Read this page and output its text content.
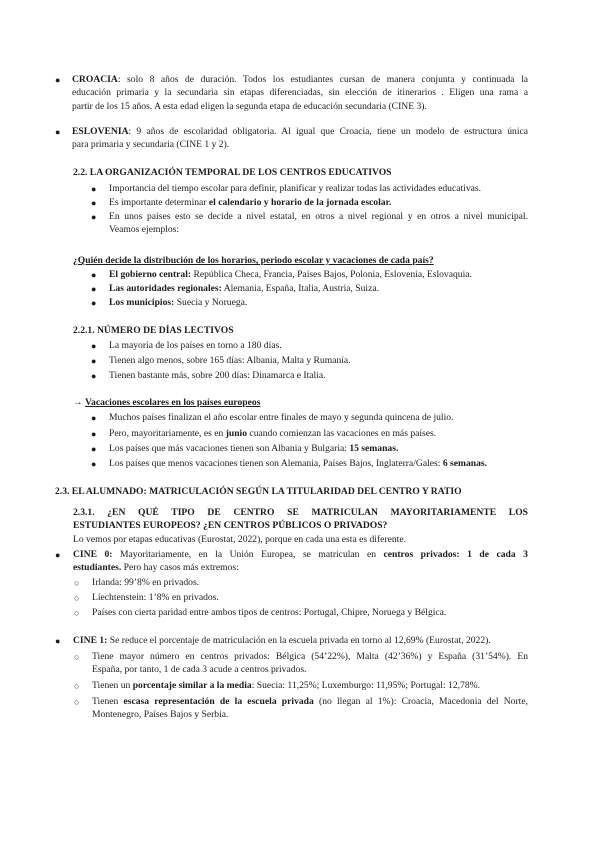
● CROACIA: solo 8 años de duración. Todos los estudiantes cursan de manera conjunta y continuada la
educación primaria y la secundaria sin etapas diferenciadas, sin elección de itinerarios . Eligen una rama a
partir de los 15 años. A esta edad eligen la segunda etapa de educación secundaria (CINE 3).
● ESLOVENIA: 9 años de escolaridad obligatoria. Al igual que Croacia, tiene un modelo de estructura única
para primaria y secundaria (CINE 1 y 2).
2.2. LA ORGANIZACIÓN TEMPORAL DE LOS CENTROS EDUCATIVOS
● Importancia del tiempo escolar para definir, planificar y realizar todas las actividades educativas.
● Es importante determinar el calendario y horario de la jornada escolar.
● En unos países esto se decide a nivel estatal, en otros a nivel regional y en otros a nivel municipal.
Veamos ejemplos:
¿Quién decide la distribución de los horarios, periodo escolar y vacaciones de cada país?
● El gobierno central: República Checa, Francia, Países Bajos, Polonia, Eslovenia, Eslovaquia.
● Las autoridades regionales: Alemania, España, Italia, Austria, Suiza.
● Los municipios: Suecia y Noruega.
2.2.1. NÚMERO DE DÍAS LECTIVOS
● La mayoría de los países en torno a 180 días.
● Tienen algo menos, sobre 165 días: Albania, Malta y Rumanía.
● Tienen bastante más, sobre 200 días: Dinamarca e Italia.
→ Vacaciones escolares en los países europeos
● Muchos países finalizan el año escolar entre finales de mayo y segunda quincena de julio.
● Pero, mayoritariamente, es en junio cuando comienzan las vacaciones en más países.
● Los países que más vacaciones tienen son Albania y Bulgaria: 15 semanas.
● Los países que menos vacaciones tienen son Alemania, Países Bajos, Inglaterra/Gales: 6 semanas.
2.3. EL ALUMNADO: MATRICULACIÓN SEGÚN LA TITULARIDAD DEL CENTRO Y RATIO
2.3.1. ¿EN QUÉ TIPO DE CENTRO SE MATRICULAN MAYORITARIAMENTE LOS
ESTUDIANTES EUROPEOS? ¿EN CENTROS PÚBLICOS O PRIVADOS?
Lo vemos por etapas educativas (Eurostat, 2022), porque en cada una esta es diferente.
● CINE 0: Mayoritariamente, en la Unión Europea, se matriculan en centros privados: 1 de cada 3
estudiantes. Pero hay casos más extremos:
○ Irlanda: 99’8% en privados.
○ Liechtenstein: 1’8% en privados.
○ Países con cierta paridad entre ambos tipos de centros: Portugal, Chipre, Noruega y Bélgica.
● CINE 1: Se reduce el porcentaje de matriculación en la escuela privada en torno al 12,69% (Eurostat, 2022).
○ Tiene mayor número en centros privados: Bélgica (54’22%), Malta (42’36%) y España (31’54%). En
España, por tanto, 1 de cada 3 acude a centros privados.
○ Tienen un porcentaje similar a la media: Suecia: 11,25%; Luxemburgo: 11,95%; Portugal: 12,78%.
○ Tienen escasa representación de la escuela privada (no llegan al 1%): Croacia, Macedonia del Norte,
Montenegro, Países Bajos y Serbia.
